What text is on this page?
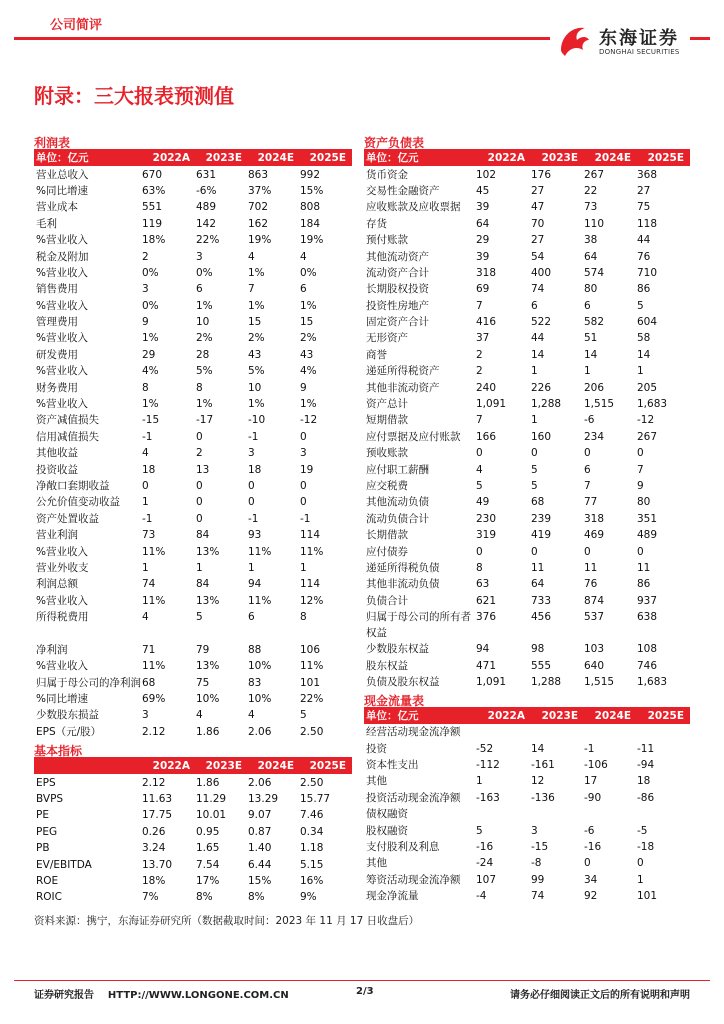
公司简评
东海证券
DONGHAI SECURITIES
附录：三大报表预测值
利润表
单位：亿元	2022A	2023E	2024E	2025E
营业总收入	670	631	863	992
%同比增速	63%	-6%	37%	15%
营业成本	551	489	702	808
毛利	119	142	162	184
%营业收入	18%	22%	19%	19%
税金及附加	2	3	4	4
%营业收入	0%	0%	1%	0%
销售费用	3	6	7	6
%营业收入	0%	1%	1%	1%
管理费用	9	10	15	15
%营业收入	1%	2%	2%	2%
研发费用	29	28	43	43
%营业收入	4%	5%	5%	4%
财务费用	8	8	10	9
%营业收入	1%	1%	1%	1%
资产减值损失	-15	-17	-10	-12
信用减值损失	-1	0	-1	0
其他收益	4	2	3	3
投资收益	18	13	18	19
净敞口套期收益	0	0	0	0
公允价值变动收益	1	0	0	0
资产处置收益	-1	0	-1	-1
营业利润	73	84	93	114
%营业收入	11%	13%	11%	11%
营业外收支	1	1	1	1
利润总额	74	84	94	114
%营业收入	11%	13%	11%	12%
所得税费用	4	5	6	8

净利润	71	79	88	106
%营业收入	11%	13%	10%	11%
归属于母公司的净利润	68	75	83	101
%同比增速	69%	10%	10%	22%
少数股东损益	3	4	4	5
EPS（元/股）	2.12	1.86	2.06	2.50
基本指标
	2022A	2023E	2024E	2025E
EPS	2.12	1.86	2.06	2.50
BVPS	11.63	11.29	13.29	15.77
PE	17.75	10.01	9.07	7.46
PEG	0.26	0.95	0.87	0.34
PB	3.24	1.65	1.40	1.18
EV/EBITDA	13.70	7.54	6.44	5.15
ROE	18%	17%	15%	16%
ROIC	7%	8%	8%	9%
资产负债表
单位：亿元	2022A	2023E	2024E	2025E
货币资金	102	176	267	368
交易性金融资产	45	27	22	27
应收账款及应收票据	39	47	73	75
存货	64	70	110	118
预付账款	29	27	38	44
其他流动资产	39	54	64	76
流动资产合计	318	400	574	710
长期股权投资	69	74	80	86
投资性房地产	7	6	6	5
固定资产合计	416	522	582	604
无形资产	37	44	51	58
商誉	2	14	14	14
递延所得税资产	2	1	1	1
其他非流动资产	240	226	206	205
资产总计	1,091	1,288	1,515	1,683
短期借款	7	1	-6	-12
应付票据及应付账款	166	160	234	267
预收账款	0	0	0	0
应付职工薪酬	4	5	6	7
应交税费	5	5	7	9
其他流动负债	49	68	77	80
流动负债合计	230	239	318	351
长期借款	319	419	469	489
应付债券	0	0	0	0
递延所得税负债	8	11	11	11
其他非流动负债	63	64	76	86
负债合计	621	733	874	937
归属于母公司的所有者权益	376	456	537	638
少数股东权益	94	98	103	108
股东权益	471	555	640	746
负债及股东权益	1,091	1,288	1,515	1,683
现金流量表
单位：亿元	2022A	2023E	2024E	2025E
经营活动现金流净额				
投资	-52	14	-1	-11
资本性支出	-112	-161	-106	-94
其他	1	12	17	18
投资活动现金流净额	-163	-136	-90	-86
债权融资				
股权融资	5	3	-6	-5
支付股利及利息	-16	-15	-16	-18
其他	-24	-8	0	0
筹资活动现金流净额	107	99	34	1
现金净流量	-4	74	92	101
资料来源：携宁，东海证券研究所（数据截取时间：2023 年 11 月 17 日收盘后）
证券研究报告    HTTP://WWW.LONGONE.COM.CN	2/3	请务必仔细阅读正文后的所有说明和声明
